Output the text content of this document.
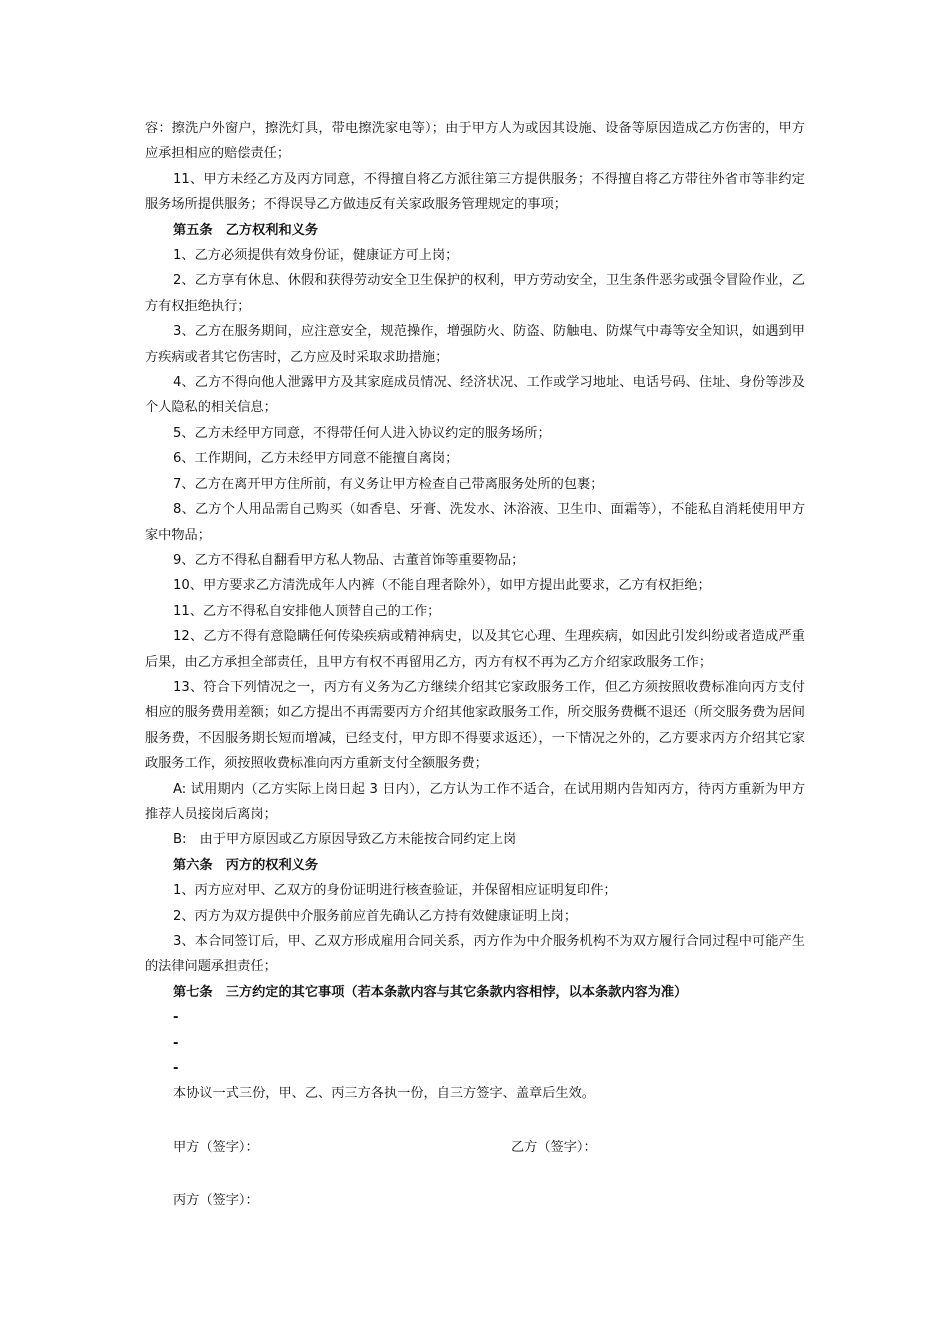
容：擦洗户外窗户，擦洗灯具，带电擦洗家电等）；由于甲方人为或因其设施、设备等原因造成乙方伤害的，甲方应承担相应的赔偿责任；

11、甲方未经乙方及丙方同意，不得擅自将乙方派往第三方提供服务；不得擅自将乙方带往外省市等非约定服务场所提供服务；不得误导乙方做违反有关家政服务管理规定的事项；

第五条　乙方权利和义务

1、乙方必须提供有效身份证，健康证方可上岗；

2、乙方享有休息、休假和获得劳动安全卫生保护的权利，甲方劳动安全，卫生条件恶劣或强令冒险作业，乙方有权拒绝执行；

3、乙方在服务期间，应注意安全，规范操作，增强防火、防盗、防触电、防煤气中毒等安全知识，如遇到甲方疾病或者其它伤害时，乙方应及时采取求助措施；

4、乙方不得向他人泄露甲方及其家庭成员情况、经济状况、工作或学习地址、电话号码、住址、身份等涉及个人隐私的相关信息；

5、乙方未经甲方同意，不得带任何人进入协议约定的服务场所；

6、工作期间，乙方未经甲方同意不能擅自离岗；

7、乙方在离开甲方住所前，有义务让甲方检查自己带离服务处所的包裹；

8、乙方个人用品需自己购买（如香皂、牙膏、洗发水、沐浴液、卫生巾、面霜等），不能私自消耗使用甲方家中物品；

9、乙方不得私自翻看甲方私人物品、古董首饰等重要物品；

10、甲方要求乙方清洗成年人内裤（不能自理者除外），如甲方提出此要求，乙方有权拒绝；

11、乙方不得私自安排他人顶替自己的工作；

12、乙方不得有意隐瞒任何传染疾病或精神病史，以及其它心理、生理疾病，如因此引发纠纷或者造成严重后果，由乙方承担全部责任，且甲方有权不再留用乙方，丙方有权不再为乙方介绍家政服务工作；

13、符合下列情况之一，丙方有义务为乙方继续介绍其它家政服务工作，但乙方须按照收费标准向丙方支付相应的服务费用差额；如乙方提出不再需要丙方介绍其他家政服务工作，所交服务费概不退还（所交服务费为居间服务费，不因服务期长短而增减，已经支付，甲方即不得要求返还），一下情况之外的，乙方要求丙方介绍其它家政服务工作，须按照收费标准向丙方重新支付全额服务费；

A: 试用期内（乙方实际上岗日起 3 日内），乙方认为工作不适合，在试用期内告知丙方，待丙方重新为甲方推荐人员接岗后离岗；

B:　由于甲方原因或乙方原因导致乙方未能按合同约定上岗

第六条　丙方的权利义务

1、丙方应对甲、乙双方的身份证明进行核查验证，并保留相应证明复印件；

2、丙方为双方提供中介服务前应首先确认乙方持有效健康证明上岗；

3、本合同签订后，甲、乙双方形成雇用合同关系，丙方作为中介服务机构不为双方履行合同过程中可能产生的法律问题承担责任；

第七条　三方约定的其它事项（若本条款内容与其它条款内容相悖，以本条款内容为准）

-

-

-

本协议一式三份，甲、乙、丙三方各执一份，自三方签字、盖章后生效。

甲方（签字）：	乙方（签字）：
丙方（签字）：
